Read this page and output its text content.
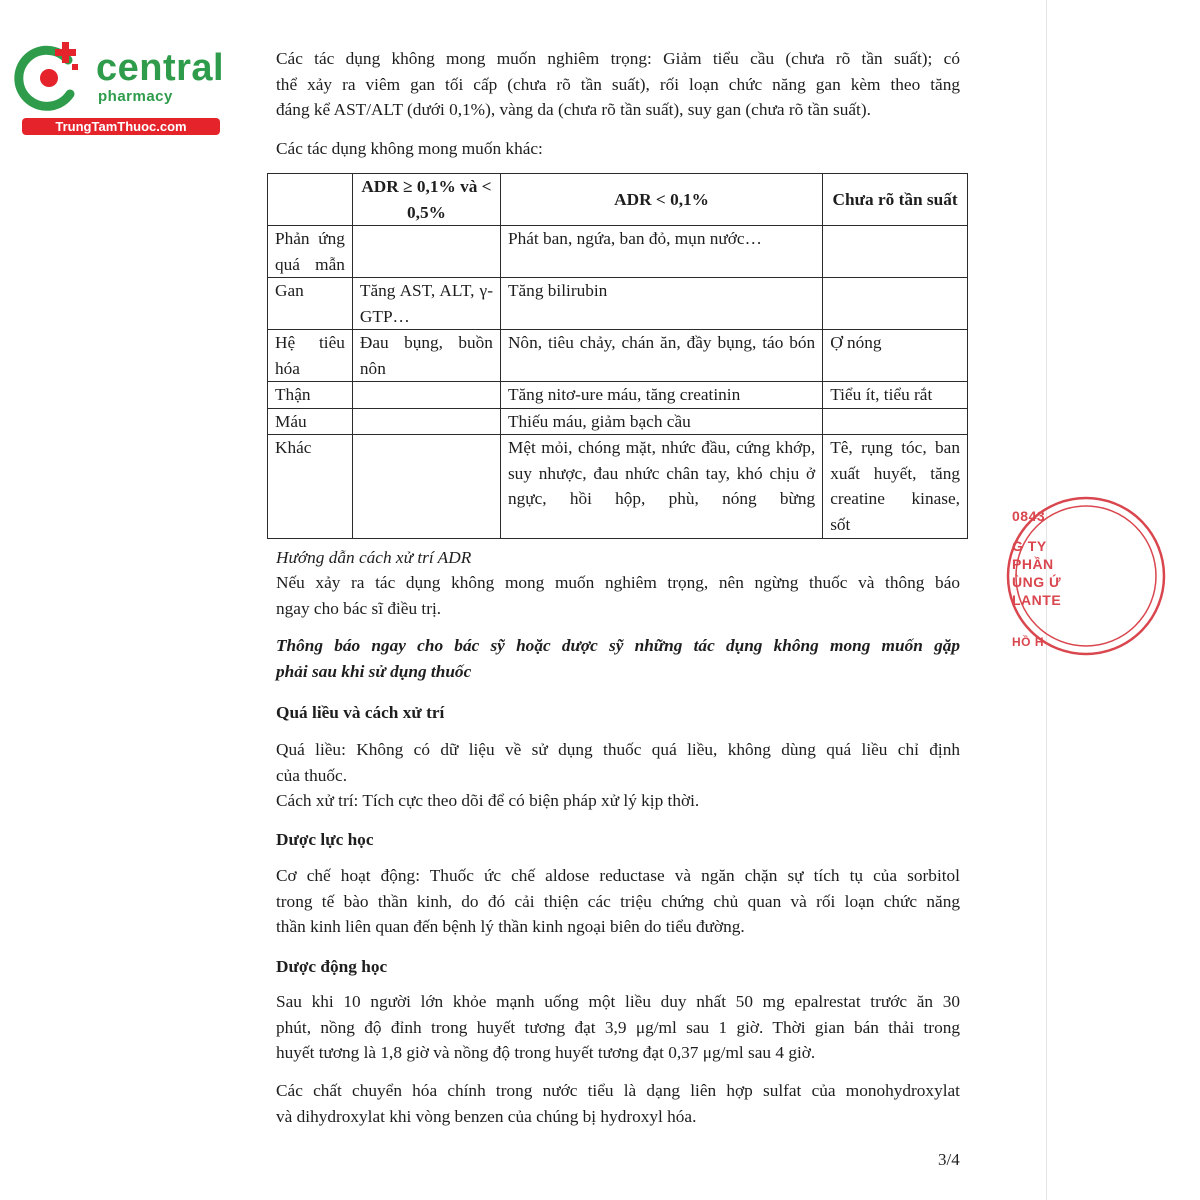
central
pharmacy
TrungTamThuoc.com

Các tác dụng không mong muốn nghiêm trọng: Giảm tiểu cầu (chưa rõ tần suất); có
thể xảy ra viêm gan tối cấp (chưa rõ tần suất), rối loạn chức năng gan kèm theo tăng
đáng kể AST/ALT (dưới 0,1%), vàng da (chưa rõ tần suất), suy gan (chưa rõ tần suất).

Các tác dụng không mong muốn khác:

	ADR ≥ 0,1% và < 0,5%	ADR < 0,1%	Chưa rõ tần suất
Phản ứng quá mẫn		Phát ban, ngứa, ban đỏ, mụn nước…	
Gan	Tăng AST, ALT, γ-GTP…	Tăng bilirubin	
Hệ tiêu hóa	Đau bụng, buồn nôn	Nôn, tiêu chảy, chán ăn, đầy bụng, táo bón	Ợ nóng
Thận		Tăng nitơ-ure máu, tăng creatinin	Tiểu ít, tiểu rắt
Máu		Thiếu máu, giảm bạch cầu	
Khác		Mệt mỏi, chóng mặt, nhức đầu, cứng khớp, suy nhược, đau nhức chân tay, khó chịu ở ngực, hồi hộp, phù, nóng bừng	Tê, rụng tóc, ban xuất huyết, tăng creatine kinase, sốt

Hướng dẫn cách xử trí ADR

Nếu xảy ra tác dụng không mong muốn nghiêm trọng, nên ngừng thuốc và thông báo
ngay cho bác sĩ điều trị.

Thông báo ngay cho bác sỹ hoặc dược sỹ những tác dụng không mong muốn gặp
phải sau khi sử dụng thuốc

Quá liều và cách xử trí

Quá liều: Không có dữ liệu về sử dụng thuốc quá liều, không dùng quá liều chỉ định
của thuốc.
Cách xử trí: Tích cực theo dõi để có biện pháp xử lý kịp thời.

Dược lực học

Cơ chế hoạt động: Thuốc ức chế aldose reductase và ngăn chặn sự tích tụ của sorbitol
trong tế bào thần kinh, do đó cải thiện các triệu chứng chủ quan và rối loạn chức năng
thần kinh liên quan đến bệnh lý thần kinh ngoại biên do tiểu đường.

Dược động học

Sau khi 10 người lớn khỏe mạnh uống một liều duy nhất 50 mg epalrestat trước ăn 30
phút, nồng độ đỉnh trong huyết tương đạt 3,9 μg/ml sau 1 giờ. Thời gian bán thải trong
huyết tương là 1,8 giờ và nồng độ trong huyết tương đạt 0,37 μg/ml sau 4 giờ.

Các chất chuyển hóa chính trong nước tiểu là dạng liên hợp sulfat của monohydroxylat
và dihydroxylat khi vòng benzen của chúng bị hydroxyl hóa.

0843
G TY
PHẦN
ÙNG Ứ
LANTE
HỒ H
3/4
